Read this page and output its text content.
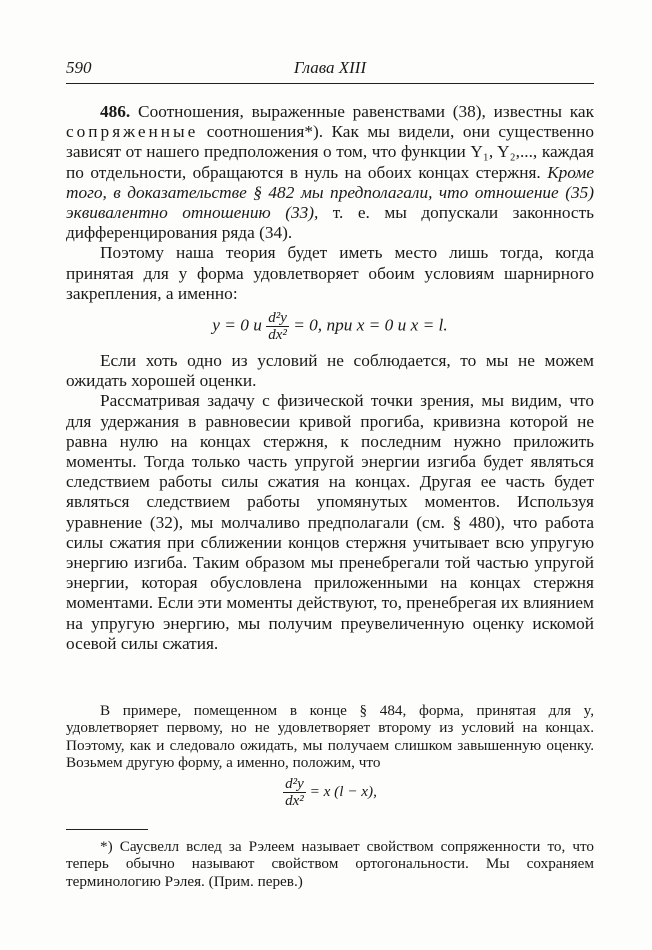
590	Глава XIII

486. Соотношения, выраженные равенствами (38), известны как сопряженные соотношения*). Как мы видели, они существенно зависят от нашего предположения о том, что функции Y₁, Y₂,..., каждая по отдельности, обращаются в нуль на обоих концах стержня. Кроме того, в доказательстве § 482 мы предполагали, что отношение (35) эквивалентно отношению (33), т. е. мы допускали законность дифференцирования ряда (34).

Поэтому наша теория будет иметь место лишь тогда, когда принятая для y форма удовлетворяет обоим условиям шарнирного закрепления, а именно:

y = 0 и $\frac{\text{d²y}}{\text{dx²}} = 0$, при x = 0 и x = l.

Если хоть одно из условий не соблюдается, то мы не можем ожидать хорошей оценки.

Рассматривая задачу с физической точки зрения, мы видим, что для удержания в равновесии кривой прогиба, кривизна которой не равна нулю на концах стержня, к последним нужно приложить моменты. Тогда только часть упругой энергии изгиба будет являться следствием работы силы сжатия на концах. Другая ее часть будет являться следствием работы упомянутых моментов. Используя уравнение (32), мы молчаливо предполагали (см. § 480), что работа силы сжатия при сближении концов стержня учитывает всю упругую энергию изгиба. Таким образом мы пренебрегали той частью упругой энергии, которая обусловлена приложенными на концах стержня моментами. Если эти моменты действуют, то, пренебрегая их влиянием на упругую энергию, мы получим преувеличенную оценку искомой осевой силы сжатия.

В примере, помещенном в конце § 484, форма, принятая для y, удовлетворяет первому, но не удовлетворяет второму из условий на концах. Поэтому, как и следовало ожидать, мы получаем слишком завышенную оценку. Возьмем другую форму, а именно, положим, что

$\frac{\text{d²y}}{\text{dx²}} = x$ (l − x),

*) Саусвелл вслед за Рэлеем называет свойством сопряженности то, что теперь обычно называют свойством ортогональности. Мы сохраняем терминологию Рэлея. (Прим. перев.)
